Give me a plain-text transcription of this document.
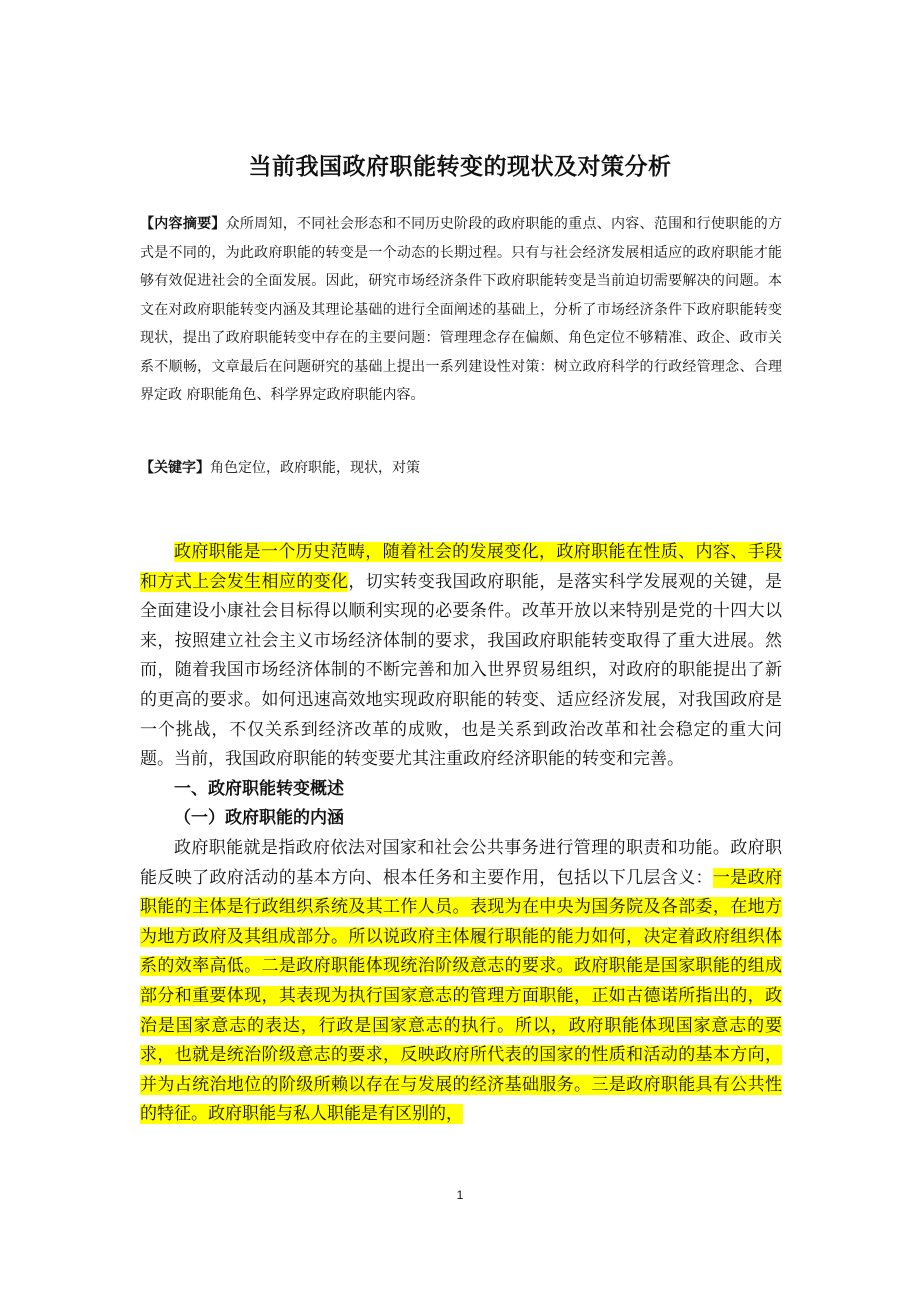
当前我国政府职能转变的现状及对策分析
【内容摘要】众所周知，不同社会形态和不同历史阶段的政府职能的重点、内容、范围和行使职能的方式是不同的，为此政府职能的转变是一个动态的长期过程。只有与社会经济发展相适应的政府职能才能够有效促进社会的全面发展。因此，研究市场经济条件下政府职能转变是当前迫切需要解决的问题。本文在对政府职能转变内涵及其理论基础的进行全面阐述的基础上，分析了市场经济条件下政府职能转变现状，提出了政府职能转变中存在的主要问题：管理理念存在偏颇、角色定位不够精准、政企、政市关系不顺畅，文章最后在问题研究的基础上提出一系列建设性对策：树立政府科学的行政经管理念、合理界定政 府职能角色、科学界定政府职能内容。
【关键字】角色定位，政府职能，现状，对策

政府职能是一个历史范畴，随着社会的发展变化，政府职能在性质、内容、手段和方式上会发生相应的变化，切实转变我国政府职能，是落实科学发展观的关键，是全面建设小康社会目标得以顺利实现的必要条件。改革开放以来特别是党的十四大以来，按照建立社会主义市场经济体制的要求，我国政府职能转变取得了重大进展。然而，随着我国市场经济体制的不断完善和加入世界贸易组织，对政府的职能提出了新的更高的要求。如何迅速高效地实现政府职能的转变、适应经济发展，对我国政府是一个挑战，不仅关系到经济改革的成败，也是关系到政治改革和社会稳定的重大问题。当前，我国政府职能的转变要尤其注重政府经济职能的转变和完善。

一、政府职能转变概述
（一）政府职能的内涵

政府职能就是指政府依法对国家和社会公共事务进行管理的职责和功能。政府职能反映了政府活动的基本方向、根本任务和主要作用，包括以下几层含义：一是政府职能的主体是行政组织系统及其工作人员。表现为在中央为国务院及各部委，在地方为地方政府及其组成部分。所以说政府主体履行职能的能力如何，决定着政府组织体系的效率高低。二是政府职能体现统治阶级意志的要求。政府职能是国家职能的组成部分和重要体现，其表现为执行国家意志的管理方面职能，正如古德诺所指出的，政治是国家意志的表达，行政是国家意志的执行。所以，政府职能体现国家意志的要求，也就是统治阶级意志的要求，反映政府所代表的国家的性质和活动的基本方向，并为占统治地位的阶级所赖以存在与发展的经济基础服务。三是政府职能具有公共性的特征。政府职能与私人职能是有区别的，

1
